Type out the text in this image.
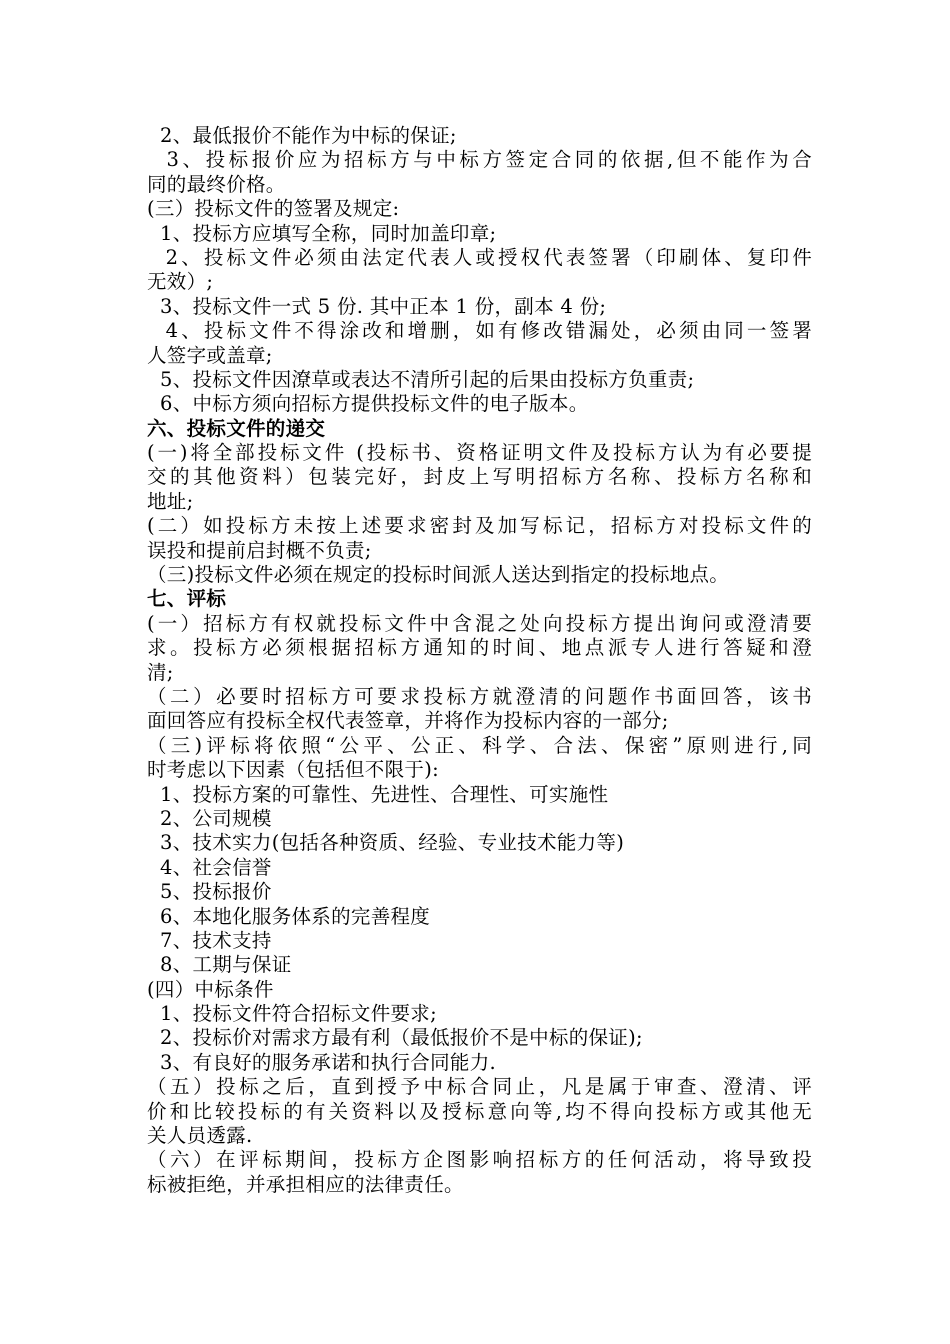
2、最低报价不能作为中标的保证;
3、投标报价应为招标方与中标方签定合同的依据,但不能作为合
同的最终价格。
(三）投标文件的签署及规定:
1、投标方应填写全称，同时加盖印章;
2、投标文件必须由法定代表人或授权代表签署（印刷体、复印件
无效）;
3、投标文件一式 5 份. 其中正本 1 份，副本 4 份;
4、投标文件不得涂改和增删，如有修改错漏处，必须由同一签署
人签字或盖章;
5、投标文件因潦草或表达不清所引起的后果由投标方负重责;
6、中标方须向招标方提供投标文件的电子版本。
六、投标文件的递交
(一)将全部投标文件 (投标书、资格证明文件及投标方认为有必要提
交的其他资料）包装完好，封皮上写明招标方名称、投标方名称和
地址;
(二）如投标方未按上述要求密封及加写标记，招标方对投标文件的
误投和提前启封概不负责;
（三)投标文件必须在规定的投标时间派人送达到指定的投标地点。
七、评标
(一）招标方有权就投标文件中含混之处向投标方提出询问或澄清要
求。投标方必须根据招标方通知的时间、地点派专人进行答疑和澄
清;
（二）必要时招标方可要求投标方就澄清的问题作书面回答，该书
面回答应有投标全权代表签章，并将作为投标内容的一部分;
（三)评标将依照“公平、公正、科学、合法、保密”原则进行,同
时考虑以下因素（包括但不限于):
1、投标方案的可靠性、先进性、合理性、可实施性
2、公司规模
3、技术实力(包括各种资质、经验、专业技术能力等)
4、社会信誉
5、投标报价
6、本地化服务体系的完善程度
7、技术支持
8、工期与保证
(四）中标条件
1、投标文件符合招标文件要求;
2、投标价对需求方最有利（最低报价不是中标的保证);
3、有良好的服务承诺和执行合同能力.
（五）投标之后，直到授予中标合同止，凡是属于审查、澄清、评
价和比较投标的有关资料以及授标意向等,均不得向投标方或其他无
关人员透露.
（六）在评标期间，投标方企图影响招标方的任何活动，将导致投
标被拒绝，并承担相应的法律责任。
